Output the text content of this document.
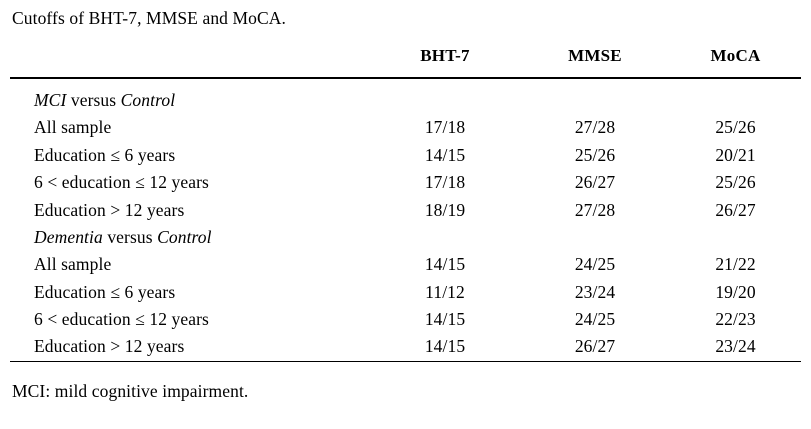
Cutoffs of BHT-7, MMSE and MoCA.

	BHT-7	MMSE	MoCA

MCI versus Control			
All sample	17/18	27/28	25/26
Education ≤ 6 years	14/15	25/26	20/21
6 < education ≤ 12 years	17/18	26/27	25/26
Education > 12 years	18/19	27/28	26/27
Dementia versus Control			
All sample	14/15	24/25	21/22
Education ≤ 6 years	11/12	23/24	19/20
6 < education ≤ 12 years	14/15	24/25	22/23
Education > 12 years	14/15	26/27	23/24

MCI: mild cognitive impairment.
